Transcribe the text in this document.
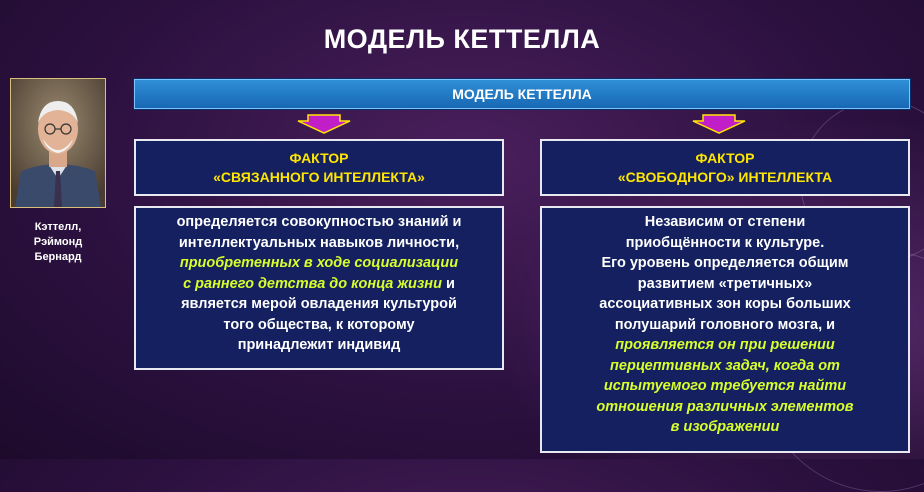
МОДЕЛЬ КЕТТЕЛЛА
Кэттелл,
Рэймонд
Бернард
МОДЕЛЬ КЕТТЕЛЛА
ФАКТОР
«СВЯЗАННОГО ИНТЕЛЛЕКТА»
ФАКТОР
«СВОБОДНОГО» ИНТЕЛЛЕКТА
определяется совокупностью знаний и
интеллектуальных навыков личности,
приобретенных в ходе социализации
с раннего детства до конца жизни и
является мерой овладения культурой
того общества, к которому
принадлежит индивид
Независим от степени
приобщённости к культуре.
Его уровень определяется общим
развитием «третичных»
ассоциативных зон коры больших
полушарий головного мозга, и
проявляется он при решении
перцептивных задач, когда от
испытуемого требуется найти
отношения различных элементов
в изображении
